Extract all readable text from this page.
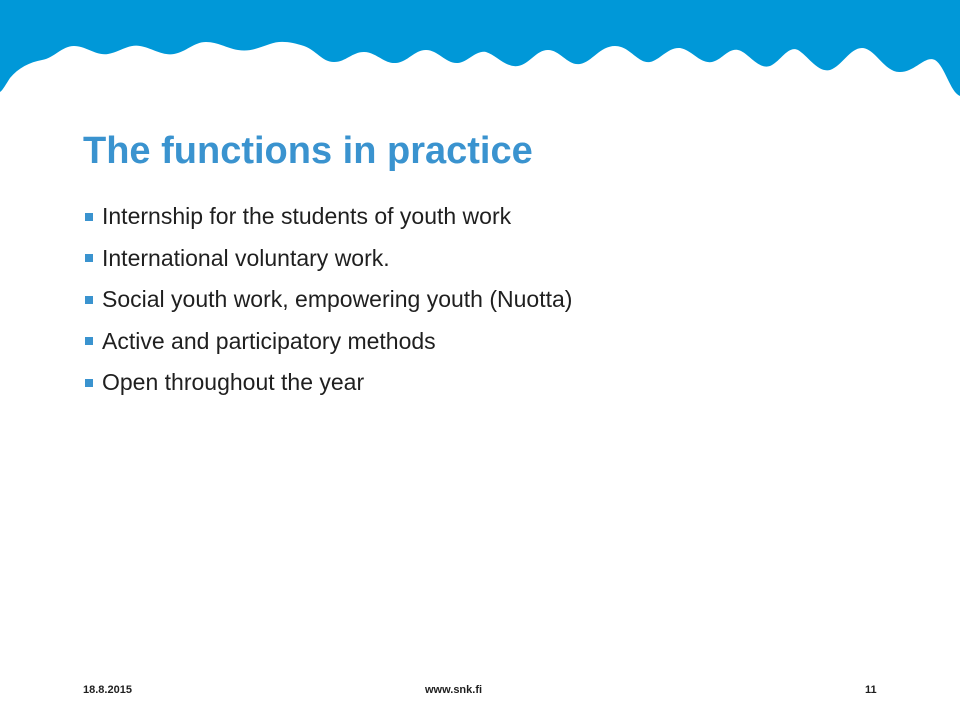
The functions in practice
Internship for the students of youth work
International voluntary work.
Social youth work, empowering youth (Nuotta)
Active and participatory methods
Open throughout the year
18.8.2015	www.snk.fi	11
